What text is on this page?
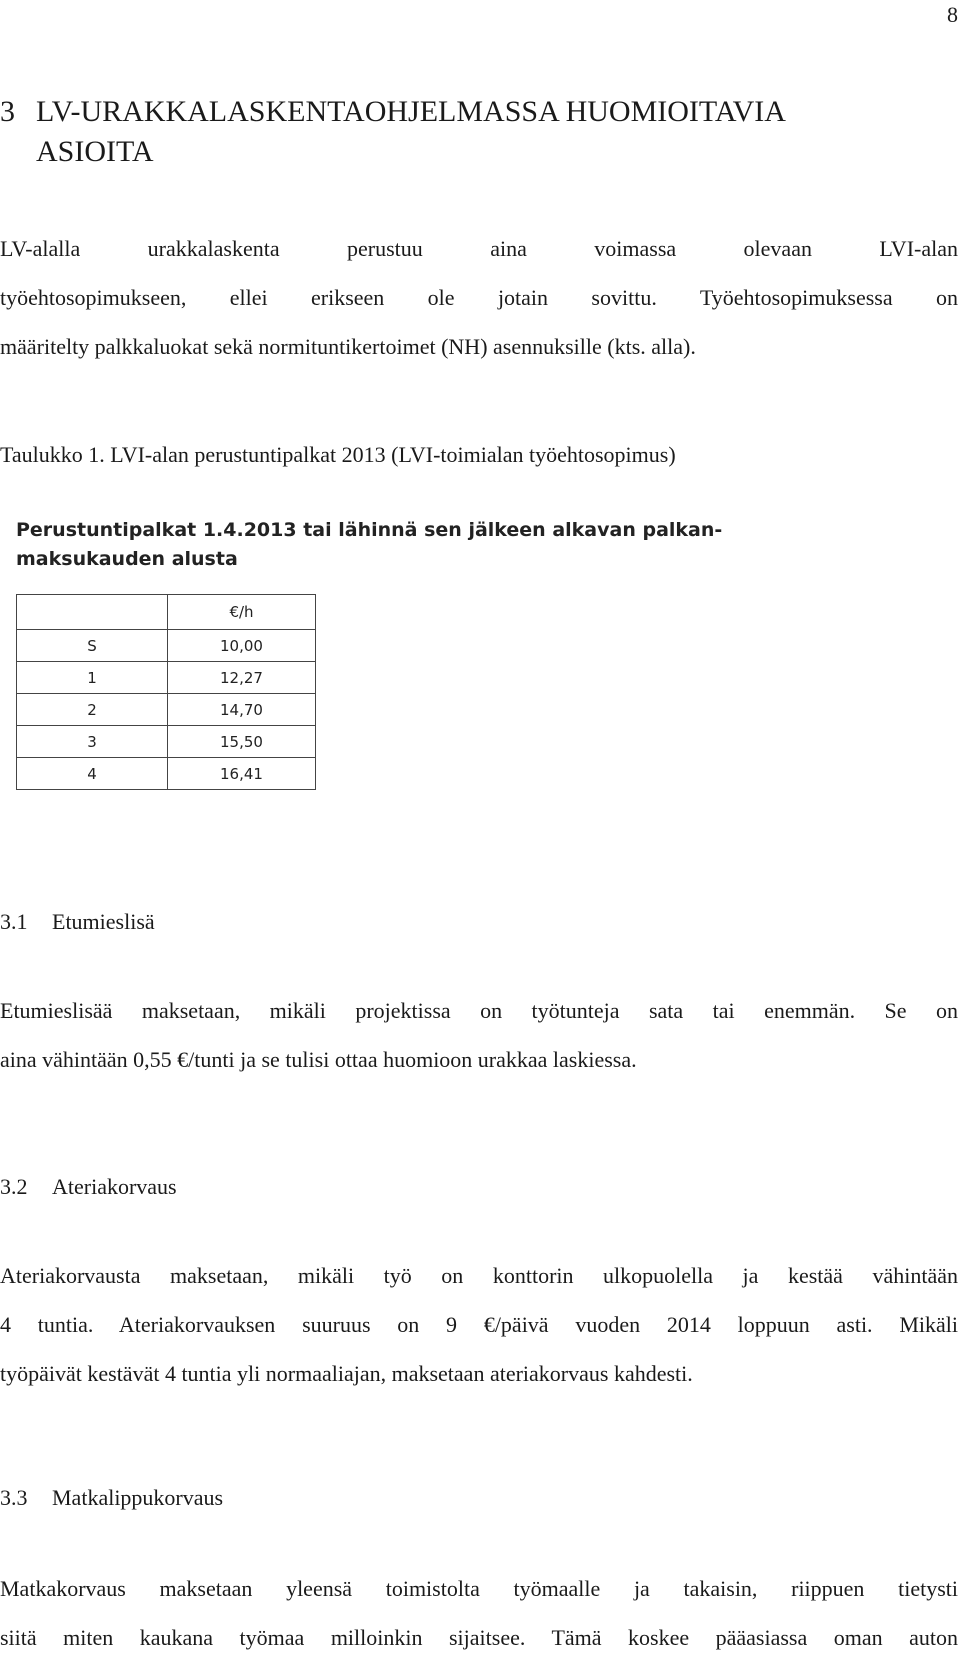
8
3 LV-URAKKALASKENTAOHJELMASSA HUOMIOITAVIA
ASIOITA

LV-alalla urakkalaskenta perustuu aina voimassa olevaan LVI-alan
työehtosopimukseen, ellei erikseen ole jotain sovittu. Työehtosopimuksessa on
määritelty palkkaluokat sekä normituntikertoimet (NH) asennuksille (kts. alla).

Taulukko 1. LVI-alan perustuntipalkat 2013 (LVI-toimialan työehtosopimus)

Perustuntipalkat 1.4.2013 tai lähinnä sen jälkeen alkavan palkan-
maksukauden alusta

	€/h
S	10,00
1	12,27
2	14,70
3	15,50
4	16,41
3.1 Etumieslisä

Etumieslisää maksetaan, mikäli projektissa on työtunteja sata tai enemmän. Se on
aina vähintään 0,55 €/tunti ja se tulisi ottaa huomioon urakkaa laskiessa.

3.2 Ateriakorvaus

Ateriakorvausta maksetaan, mikäli työ on konttorin ulkopuolella ja kestää vähintään
4 tuntia. Ateriakorvauksen suuruus on 9 €/päivä vuoden 2014 loppuun asti. Mikäli
työpäivät kestävät 4 tuntia yli normaaliajan, maksetaan ateriakorvaus kahdesti.

3.3 Matkalippukorvaus

Matkakorvaus maksetaan yleensä toimistolta työmaalle ja takaisin, riippuen tietysti
siitä miten kaukana työmaa milloinkin sijaitsee. Tämä koskee pääasiassa oman auton
